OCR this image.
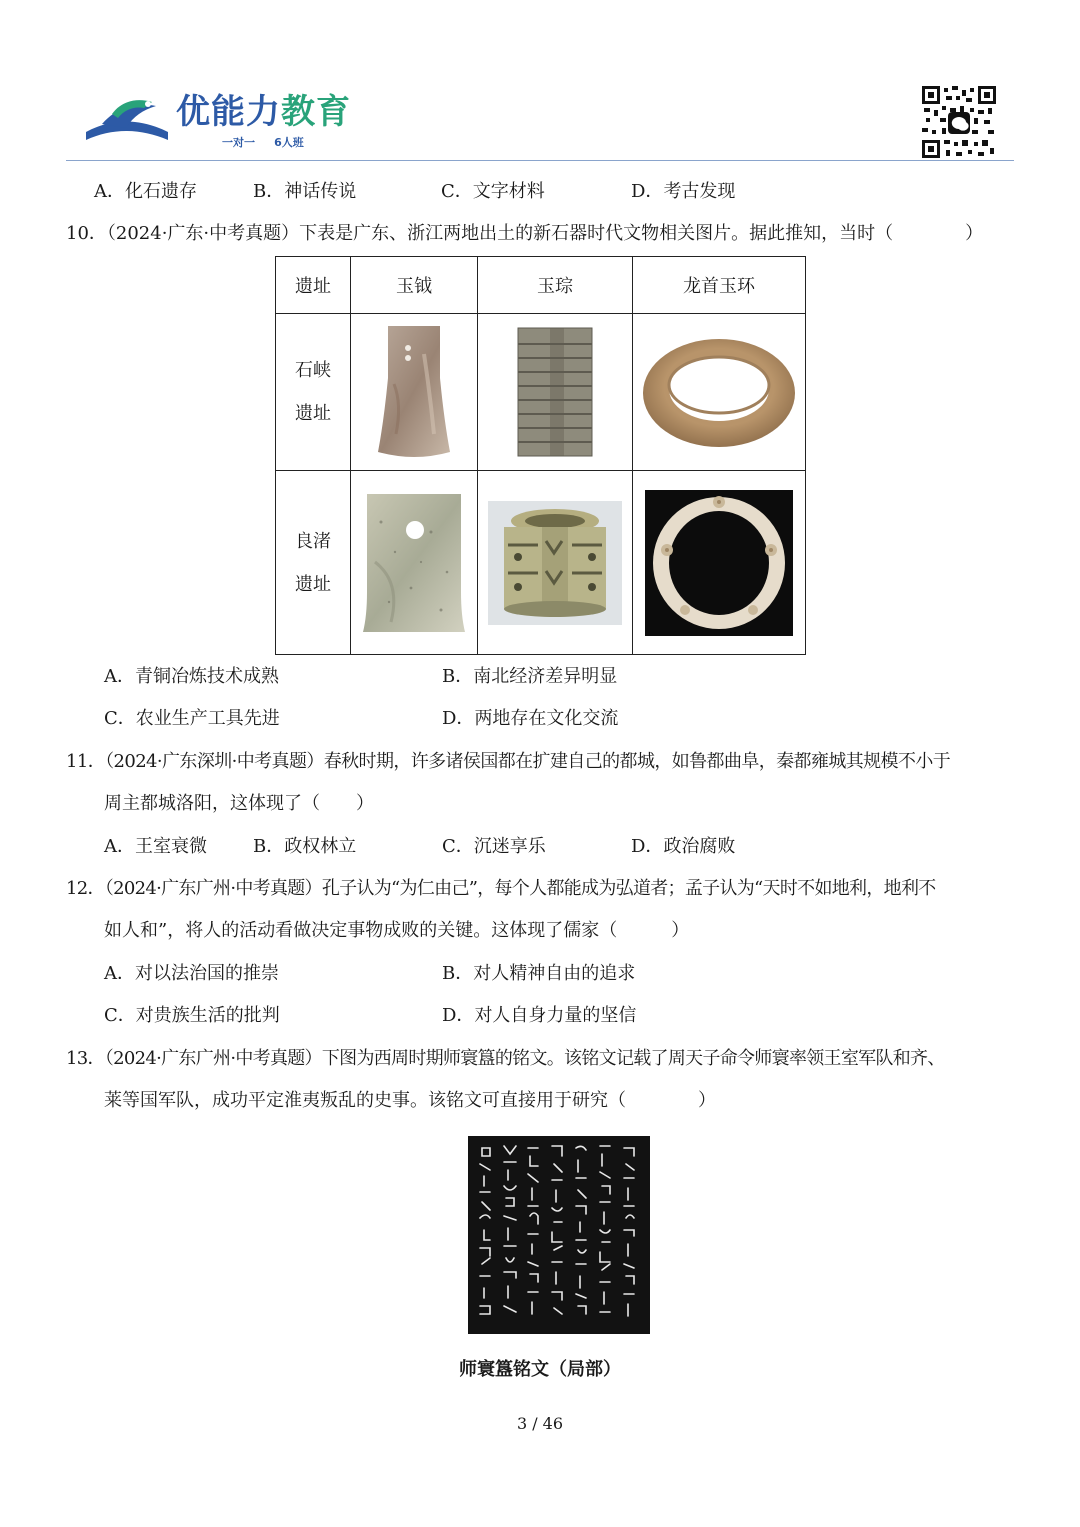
优能力教育
一对一     6人班
A．化石遗存	B．神话传说	C．文字材料	D．考古发现
10．（2024·广东·中考真题）下表是广东、浙江两地出土的新石器时代文物相关图片。据此推知，当时（　　　　）
遗址	玉钺	玉琮	龙首玉环
石峡
遗址	

良渚
遗址	

A．青铜冶炼技术成熟	B．南北经济差异明显
C．农业生产工具先进	D．两地存在文化交流
11．（2024·广东深圳·中考真题）春秋时期，许多诸侯国都在扩建自己的都城，如鲁都曲阜，秦都雍城其规模不小于
周主都城洛阳，这体现了（　　）
A．王室衰微	B．政权林立	C．沉迷享乐	D．政治腐败
12．（2024·广东广州·中考真题）孔子认为“为仁由己”，每个人都能成为弘道者；孟子认为“天时不如地利，地利不
如人和”，将人的活动看做决定事物成败的关键。这体现了儒家（　　　）
A．对以法治国的推崇	B．对人精神自由的追求
C．对贵族生活的批判	D．对人自身力量的坚信
13．（2024·广东广州·中考真题）下图为西周时期师寰簋的铭文。该铭文记载了周天子命令师寰率领王室军队和齐、
莱等国军队，成功平定淮夷叛乱的史事。该铭文可直接用于研究（　　　　）
师寰簋铭文（局部）
3 / 46
